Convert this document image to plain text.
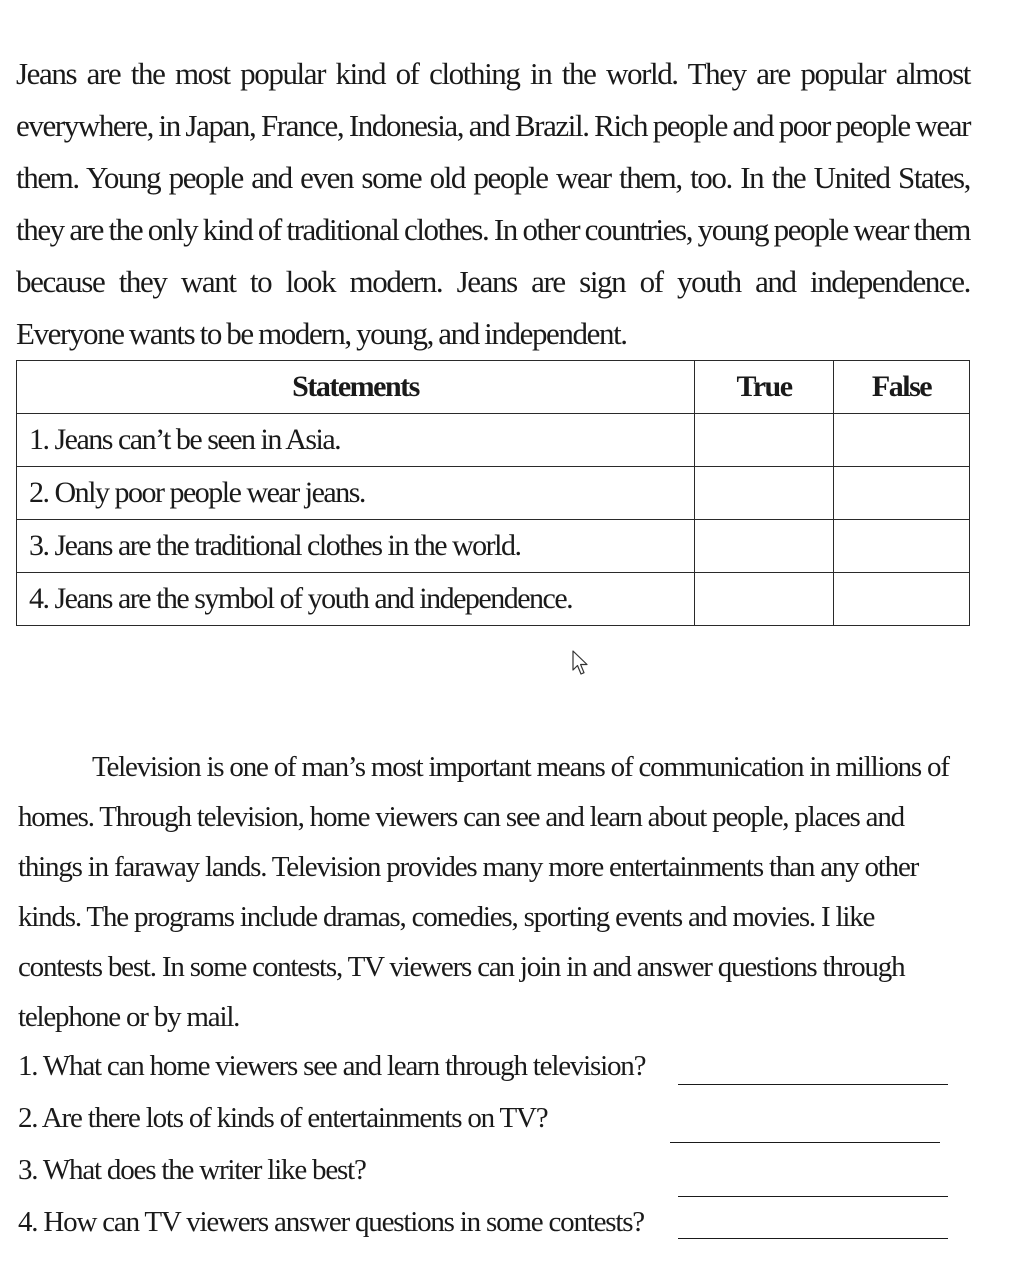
Jeans are the most popular kind of clothing in the world. They are popular almost everywhere, in Japan, France, Indonesia, and Brazil. Rich people and poor people wear them. Young people and even some old people wear them, too. In the United States, they are the only kind of traditional clothes. In other countries, young people wear them because they want to look modern. Jeans are sign of youth and independence. Everyone wants to be modern, young, and independent.

Statements	True	False
1. Jeans can’t be seen in Asia.		
2. Only poor people wear jeans.		
3. Jeans are the traditional clothes in the world.		
4. Jeans are the symbol of youth and independence.		

Television is one of man’s most important means of communication in millions of homes. Through television, home viewers can see and learn about people, places and things in faraway lands. Television provides many more entertainments than any other kinds. The programs include dramas, comedies, sporting events and movies. I like contests best. In some contests, TV viewers can join in and answer questions through telephone or by mail.

1. What can home viewers see and learn through television?
2. Are there lots of kinds of entertainments on TV?
3. What does the writer like best?
4. How can TV viewers answer questions in some contests?
